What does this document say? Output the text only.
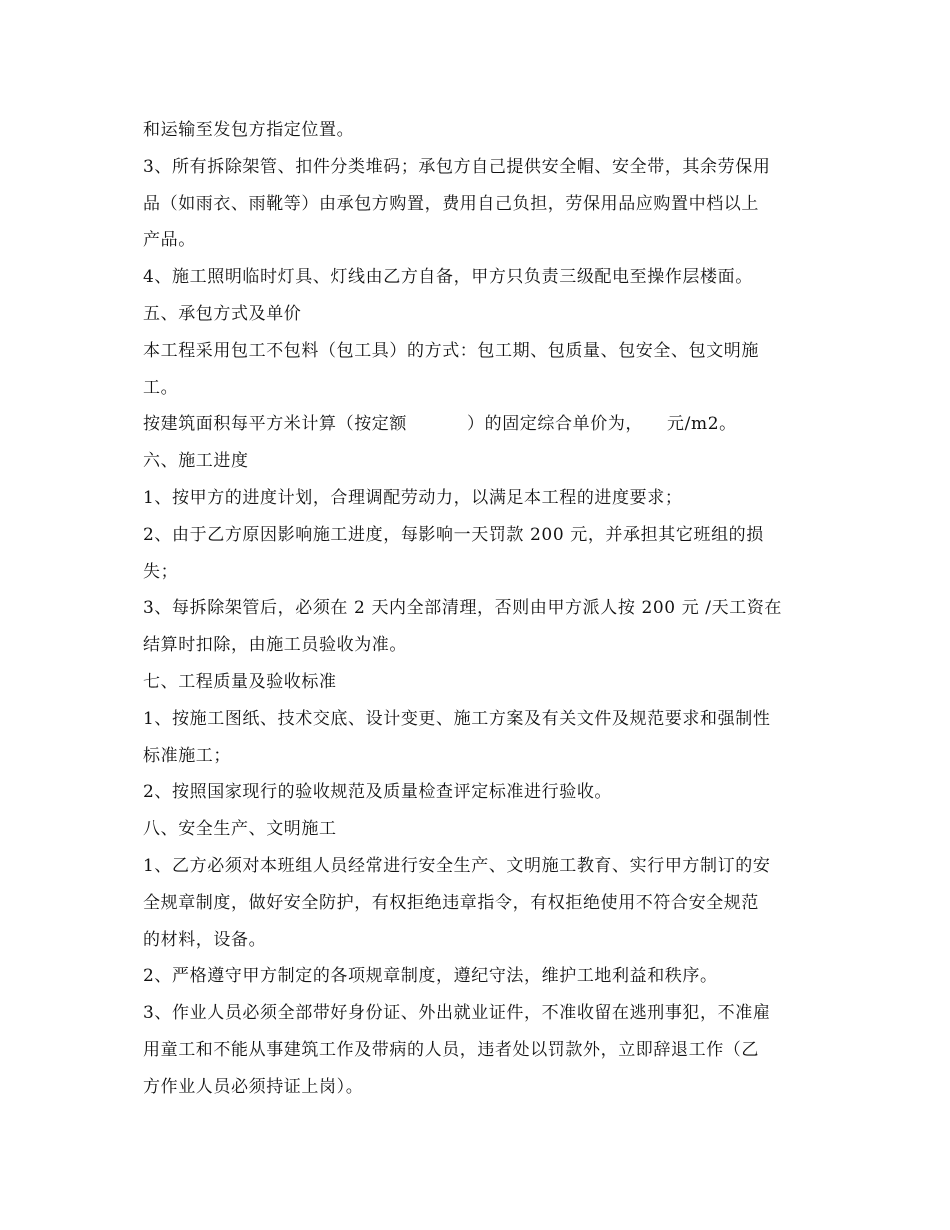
和运输至发包方指定位置。
3、所有拆除架管、扣件分类堆码；承包方自己提供安全帽、安全带，其余劳保用
品（如雨衣、雨靴等）由承包方购置，费用自己负担，劳保用品应购置中档以上
产品。
4、施工照明临时灯具、灯线由乙方自备，甲方只负责三级配电至操作层楼面。
五、承包方式及单价
本工程采用包工不包料（包工具）的方式：包工期、包质量、包安全、包文明施
工。
按建筑面积每平方米计算（按定额          ）的固定综合单价为，    元/m2。
六、施工进度
1、按甲方的进度计划，合理调配劳动力，以满足本工程的进度要求；
2、由于乙方原因影响施工进度，每影响一天罚款 200 元，并承担其它班组的损
失；
3、每拆除架管后，必须在 2 天内全部清理，否则由甲方派人按 200 元 /天工资在
结算时扣除，由施工员验收为准。
七、工程质量及验收标准
1、按施工图纸、技术交底、设计变更、施工方案及有关文件及规范要求和强制性
标准施工；
2、按照国家现行的验收规范及质量检查评定标准进行验收。
八、安全生产、文明施工
1、乙方必须对本班组人员经常进行安全生产、文明施工教育、实行甲方制订的安
全规章制度，做好安全防护，有权拒绝违章指令，有权拒绝使用不符合安全规范
的材料，设备。
2、严格遵守甲方制定的各项规章制度，遵纪守法，维护工地利益和秩序。
3、作业人员必须全部带好身份证、外出就业证件，不准收留在逃刑事犯，不准雇
用童工和不能从事建筑工作及带病的人员，违者处以罚款外，立即辞退工作（乙
方作业人员必须持证上岗）。
